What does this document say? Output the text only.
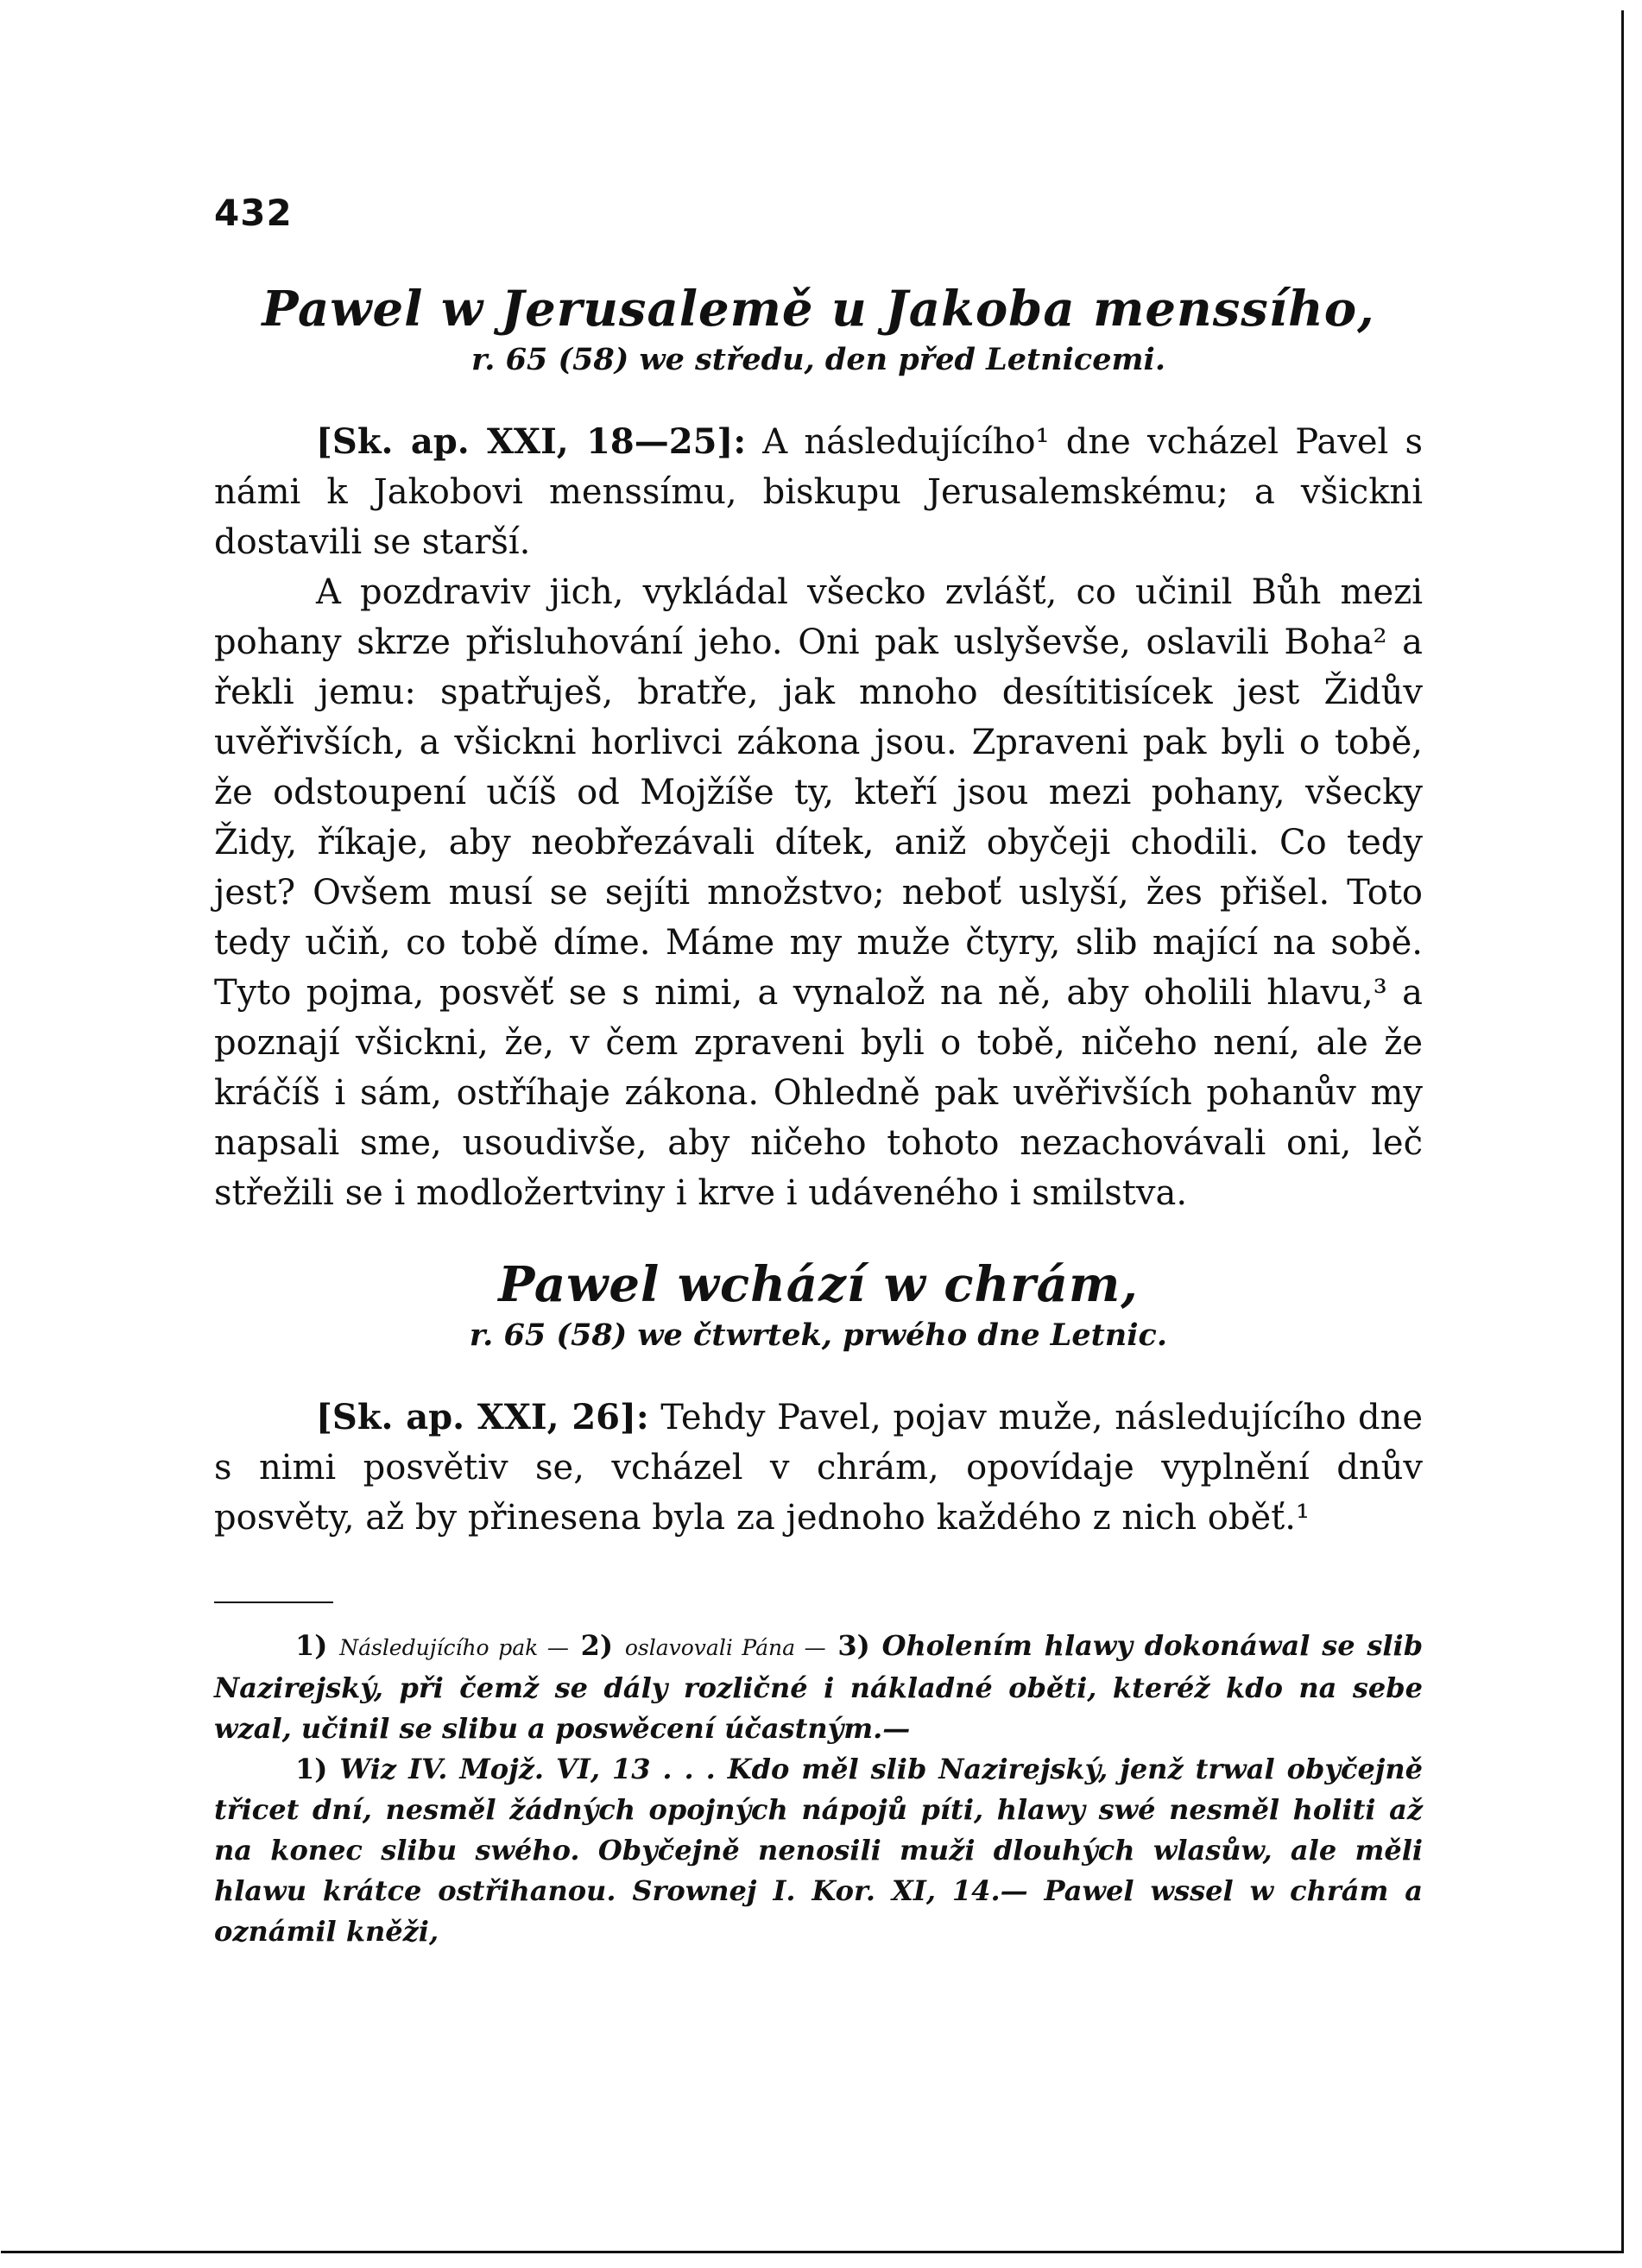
432
Pawel w Jerusalemě u Jakoba menssího,
r. 65 (58) we středu, den před Letnicemi.

[Sk. ap. XXI, 18—25]: A následujícího¹ dne vcházel Pavel s námi k Jakobovi menssímu, biskupu Jerusalemskému; a všickni dostavili se starší.

A pozdraviv jich, vykládal všecko zvlášť, co učinil Bůh mezi pohany skrze přisluhování jeho. Oni pak uslyševše, oslavili Boha² a řekli jemu: spatřuješ, bratře, jak mnoho desítitisícek jest Židův uvěřivších, a všickni horlivci zákona jsou. Zpraveni pak byli o tobě, že odstoupení učíš od Mojžíše ty, kteří jsou mezi pohany, všecky Židy, říkaje, aby neobřezávali dítek, aniž obyčeji chodili. Co tedy jest? Ovšem musí se sejíti množstvo; neboť uslyší, žes přišel. Toto tedy učiň, co tobě díme. Máme my muže čtyry, slib mající na sobě. Tyto pojma, posvěť se s nimi, a vynalož na ně, aby oholili hlavu,³ a poznají všickni, že, v čem zpraveni byli o tobě, ničeho není, ale že kráčíš i sám, ostříhaje zákona. Ohledně pak uvěřivších pohanův my napsali sme, usoudivše, aby ničeho tohoto nezachovávali oni, leč střežili se i modložertviny i krve i udáveného i smilstva.

Pawel wchází w chrám,
r. 65 (58) we čtwrtek, prwého dne Letnic.

[Sk. ap. XXI, 26]: Tehdy Pavel, pojav muže, následujícího dne s nimi posvětiv se, vcházel v chrám, opovídaje vyplnění dnův posvěty, až by přinesena byla za jednoho každého z nich oběť.¹

1) Následujícího pak — 2) oslavovali Pána — 3) Oholením hlawy dokonáwal se slib Nazirejský, při čemž se dály rozličné i nákladné oběti, kteréž kdo na sebe wzal, učinil se slibu a poswěcení účastným.—

1) Wiz IV. Mojž. VI, 13 . . . Kdo měl slib Nazirejský, jenž trwal obyčejně třicet dní, nesměl žádných opojných nápojů píti, hlawy swé nesměl holiti až na konec slibu swého. Obyčejně nenosili muži dlouhých wlasůw, ale měli hlawu krátce ostřihanou. Srownej I. Kor. XI, 14.— Pawel wssel w chrám a oznámil kněži,
